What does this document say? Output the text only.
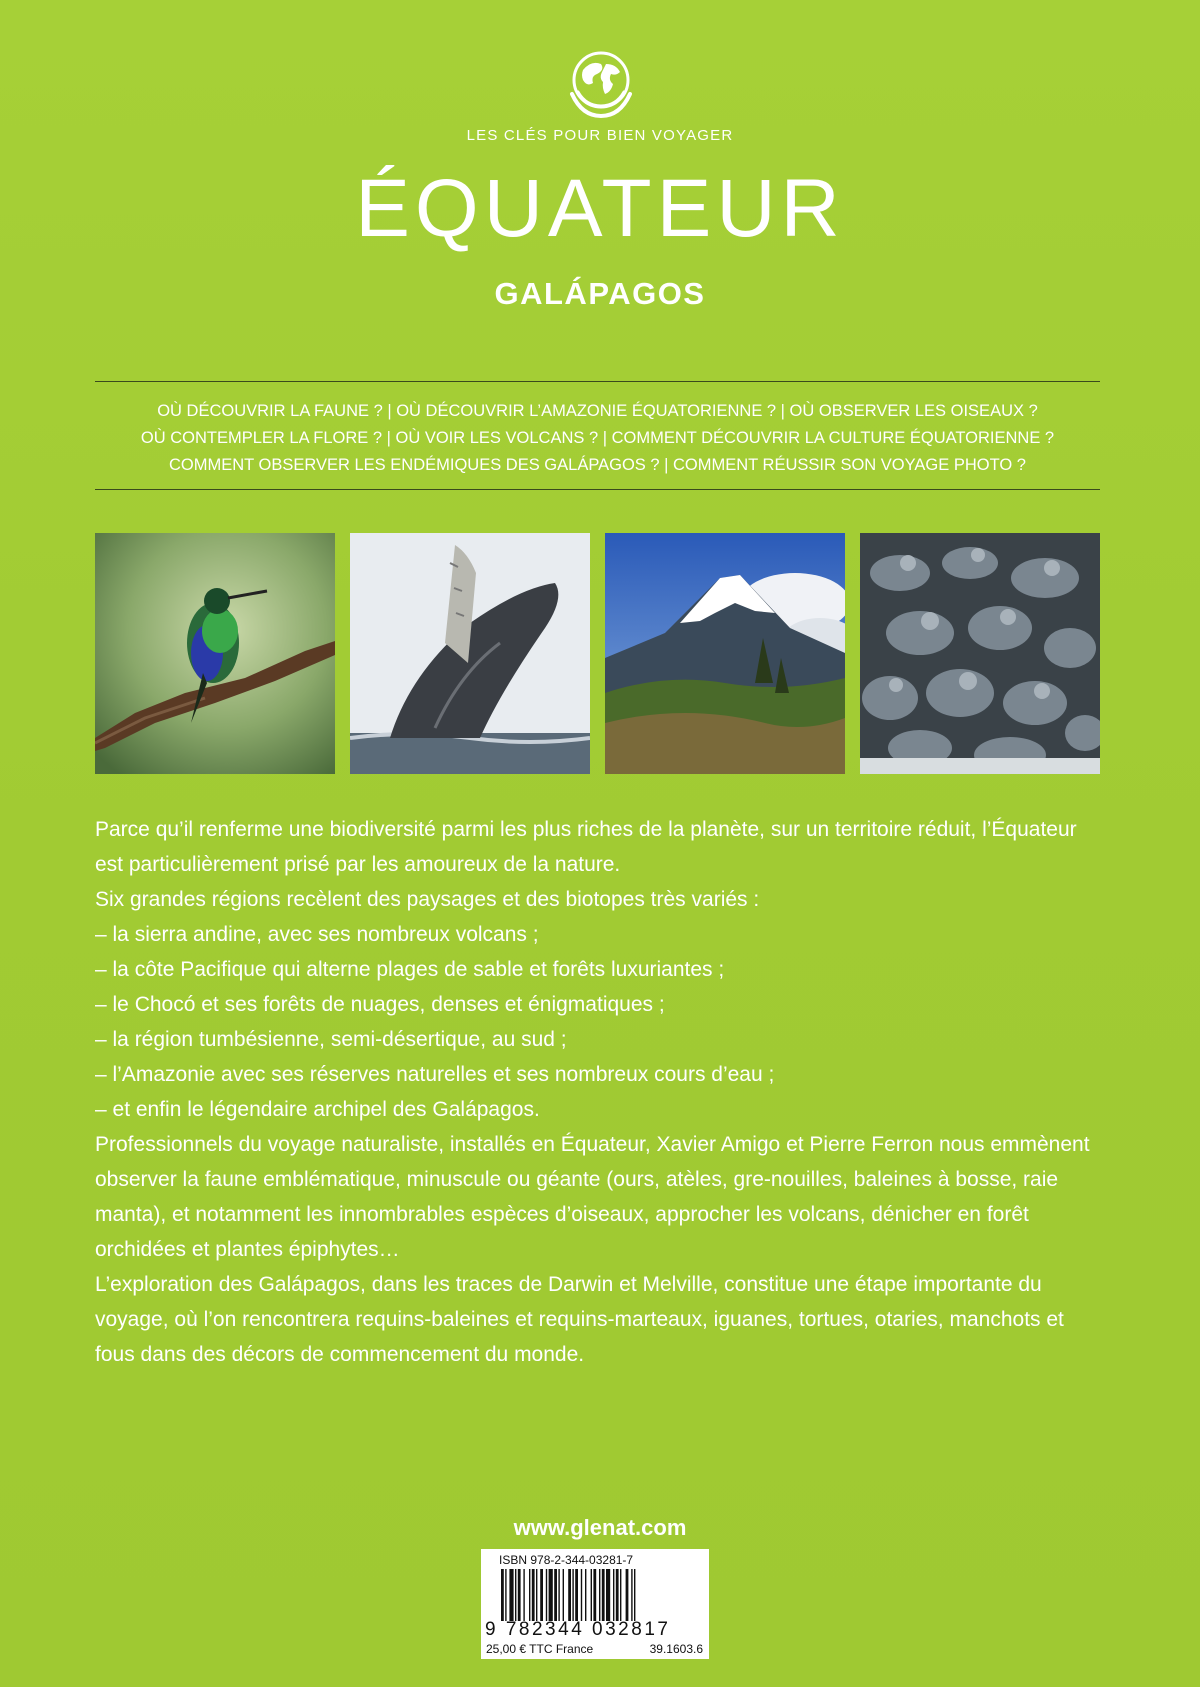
LES CLÉS POUR BIEN VOYAGER
ÉQUATEUR
GALÁPAGOS
OÙ DÉCOUVRIR LA FAUNE ? | OÙ DÉCOUVRIR L’AMAZONIE ÉQUATORIENNE ? | OÙ OBSERVER LES OISEAUX ?
OÙ CONTEMPLER LA FLORE ? | OÙ VOIR LES VOLCANS ? | COMMENT DÉCOUVRIR LA CULTURE ÉQUATORIENNE ?
COMMENT OBSERVER LES ENDÉMIQUES DES GALÁPAGOS ? | COMMENT RÉUSSIR SON VOYAGE PHOTO ?

Parce qu’il renferme une biodiversité parmi les plus riches de la planète, sur un territoire réduit, l’Équateur est particulièrement prisé par les amoureux de la nature.

Six grandes régions recèlent des paysages et des biotopes très variés :

– la sierra andine, avec ses nombreux volcans ;

– la côte Pacifique qui alterne plages de sable et forêts luxuriantes ;

– le Chocó et ses forêts de nuages, denses et énigmatiques ;

– la région tumbésienne, semi-désertique, au sud ;

– l’Amazonie avec ses réserves naturelles et ses nombreux cours d’eau ;

– et enfin le légendaire archipel des Galápagos.

Professionnels du voyage naturaliste, installés en Équateur, Xavier Amigo et Pierre Ferron nous emmènent observer la faune emblématique, minuscule ou géante (ours, atèles, gre-nouilles, baleines à bosse, raie manta), et notamment les innombrables espèces d’oiseaux, approcher les volcans, dénicher en forêt orchidées et plantes épiphytes…

L’exploration des Galápagos, dans les traces de Darwin et Melville, constitue une étape importante du voyage, où l’on rencontrera requins-baleines et requins-marteaux, iguanes, tortues, otaries, manchots et fous dans des décors de commencement du monde.

www.glenat.com
ISBN 978-2-344-03281-7
9 782344 032817
25,00 € TTC France	39.1603.6
